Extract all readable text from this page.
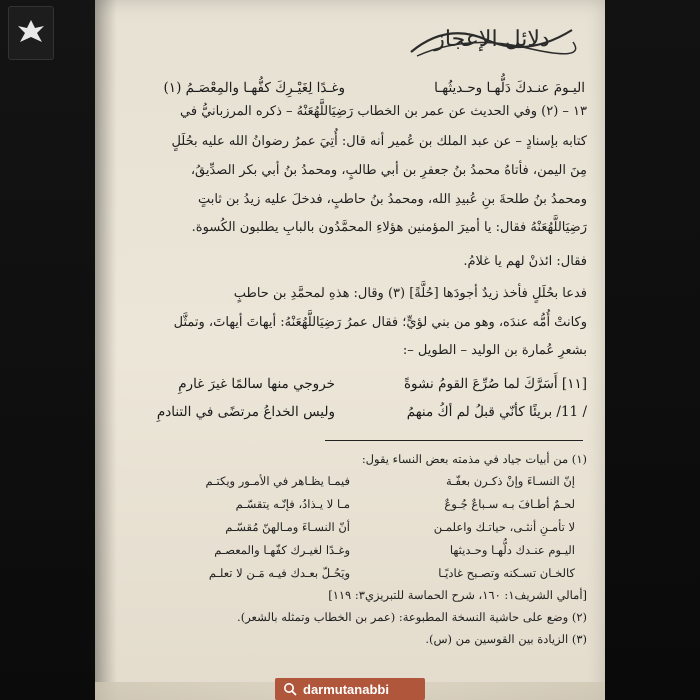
دلائل الإعجاز
اليـومَ عنـدكَ دَلُّهـا وحـديثُهـا
وغـدًا لِغَيْـرِكَ كفُّهـا والمِعْصَـمُ (١)
١٣ – (٢) وفي الحديث عن عمر بن الخطاب رَضِيَاللَّهُعَنْهُ – ذكره المرزبانيُّ في
كتابه بإسنادٍ – عن عبد الملك بن عُمير أنه قال: أُتِيَ عمرُ رضوانُ الله عليه بحُلَلٍ
مِنَ اليمن، فأتاهُ محمدُ بنُ جعفرِ بن أبي طالبٍ، ومحمدُ بنُ أبي بكر الصدِّيقُ،
ومحمدُ بنُ طلحةَ بنِ عُبيدِ الله، ومحمدُ بنُ حاطبٍ، فدخلَ عليه زيدُ بن ثابتٍ
رَضِيَاللَّهُعَنْهُ فقال: يا أميرَ المؤمنين هؤلاءِ المحمَّدُون بالبابِ يطلبون الكُسوة.
فقال: ائذنْ لهم يا غلامُ.
فدعا بحُلَلٍ فأخذ زيدٌ أجودَها [حُلَّةً] (٣) وقال: هذهِ لمحمَّدِ بن حاطبٍ
وكانتْ أُمُّه عندَه، وهو من بني لؤيٍّ؛ فقال عمرُ رَضِيَاللَّهُعَنْهُ: أيهاتَ أيهاتَ، وتمثَّل
بشعرِ عُمارة بن الوليد – الطويل –:
[١١] أَسَرَّكَ لما صُرِّعَ القومُ نشوةً
خروجي منها سالمًا غيرَ غارمِ
/ 11/ بريئًا كأنّي قبلُ لم أكُ منهمُ
وليس الخداعُ مرتضًى في التنادمِ
(١) من أبيات جياد في مذمته بعض النساء يقول:
إنّ النسـاءَ وإنْ ذكـرن بعفّـة
فيمـا يظـاهر في الأمـور ويكتـم
لحـمٌ أطـافَ بـه سـباعٌ جُـوعٌ
مـا لا يـذادُ، فإنّـه يتقسّـم
لا تأمـنِ أنثـى، حياتـك واعلمـن
أنّ النسـاءَ ومـالهنّ مُقسّـم
اليـوم عنـدك دلُّهـا وحـديثها
وغـدًا لغيـرك كفّهـا والمعصـم
كالخـان تسـكنه وتصـبح غاديًـا
ويَحُـلّ بعـدك فيـه مَـن لا تعلـم
[أمالي الشريف١: ١٦٠، شرح الحماسة للتبريزي٣: ١١٩]
(٢) وضع على حاشية النسخة المطبوعة: (عمر بن الخطاب وتمثله بالشعر).
(٣) الزيادة بين القوسين من (س).
darmutanabbi
